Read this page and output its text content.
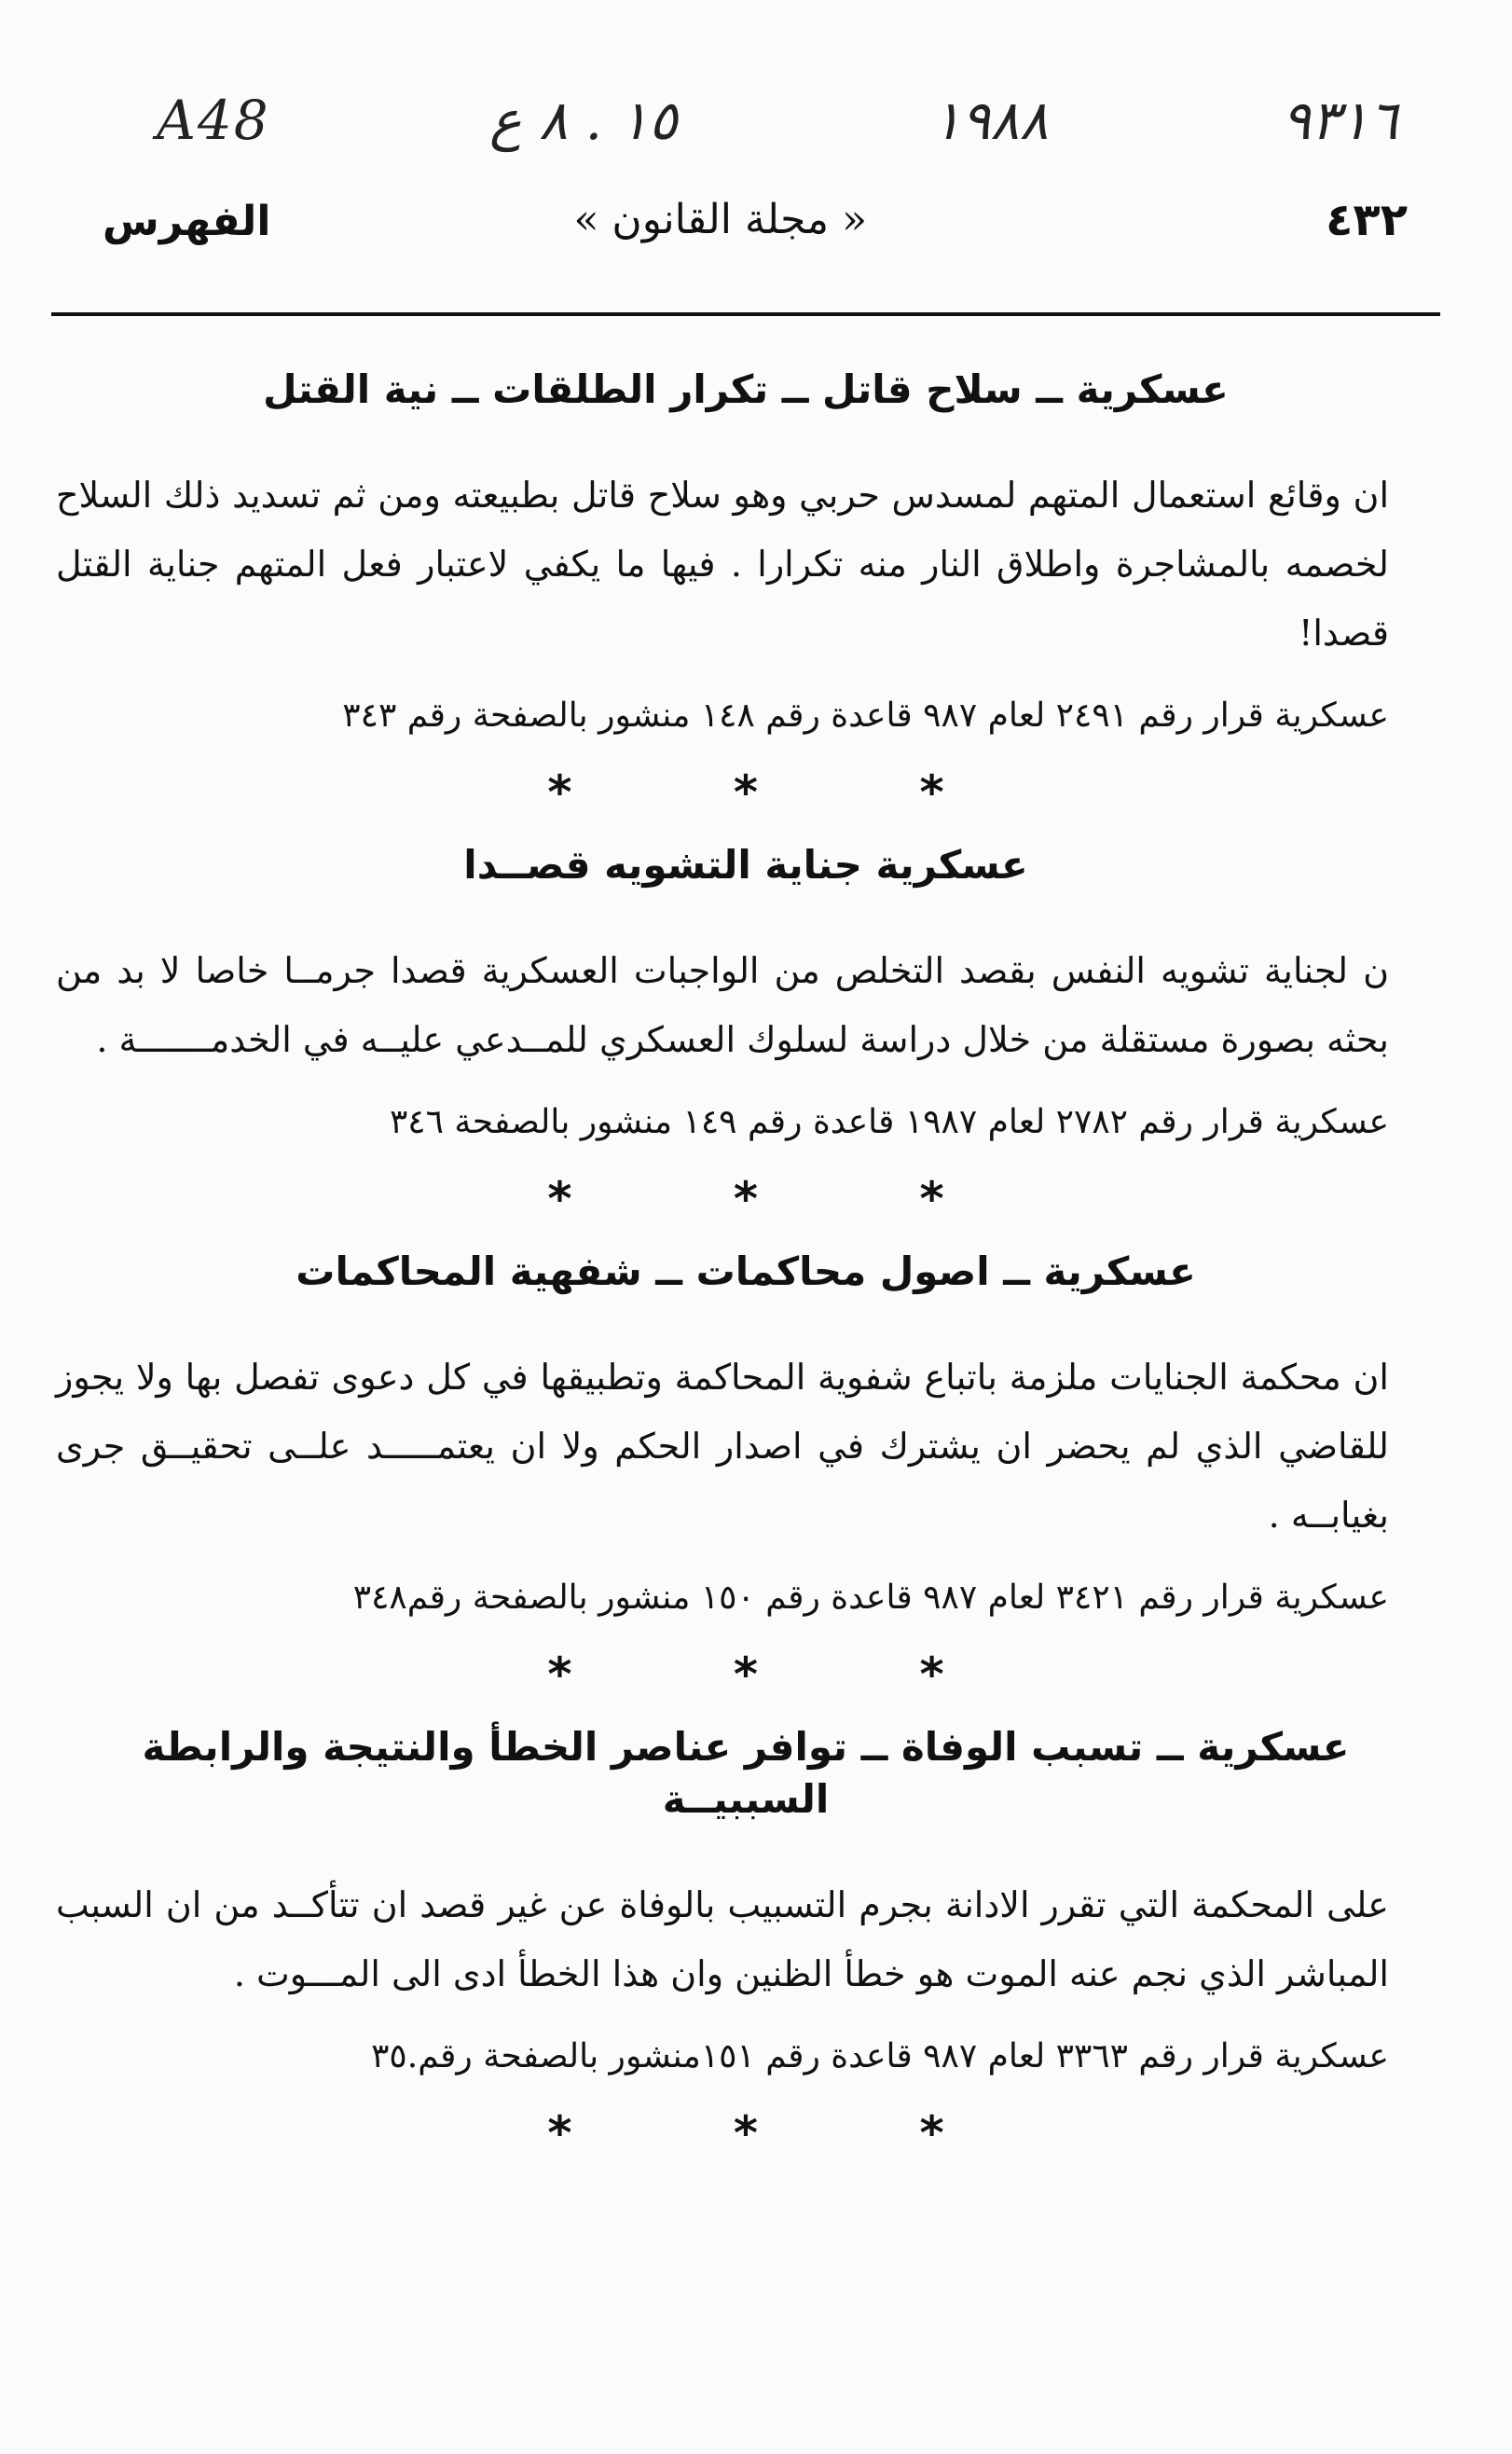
A48	١٥ . ٨ ع	١٩٨٨	٩٣١٦
٤٣٢
« مجلة القانون »
الفهرس
عسكرية ــ سلاح قاتل ــ تكرار الطلقات ــ نية القتل

ان وقائع استعمال المتهم لمسدس حربي وهو سلاح قاتل بطبيعته ومن ثم تسديد ذلك السلاح لخصمه بالمشاجرة واطلاق النار منه تكرارا . فيها ما يكفي لاعتبار فعل المتهم جناية القتل قصدا!

عسكرية قرار رقم ٢٤٩١ لعام ٩٨٧ قاعدة رقم ١٤٨ منشور بالصفحة رقم ٣٤٣
* * *
عسكرية جناية التشويه قصــدا

ن لجناية تشويه النفس بقصد التخلص من الواجبات العسكرية قصدا جرمــا خاصا لا بد من بحثه بصورة مستقلة من خلال دراسة لسلوك العسكري للمــدعي عليــه في الخدمـــــــة .

عسكرية قرار رقم ٢٧٨٢ لعام ١٩٨٧ قاعدة رقم ١٤٩ منشور بالصفحة ٣٤٦
* * *
عسكرية ــ اصول محاكمات ــ شفهية المحاكمات

ان محكمة الجنايات ملزمة باتباع شفوية المحاكمة وتطبيقها في كل دعوى تفصل بها ولا يجوز للقاضي الذي لم يحضر ان يشترك في اصدار الحكم ولا ان يعتمـــــد علــى تحقيــق جرى بغيابــه .

عسكرية قرار رقم ٣٤٢١ لعام ٩٨٧ قاعدة رقم ١٥٠ منشور بالصفحة رقم٣٤٨
* * *
عسكرية ــ تسبب الوفاة ــ توافر عناصر الخطأ والنتيجة والرابطة السببيــة

على المحكمة التي تقرر الادانة بجرم التسبيب بالوفاة عن غير قصد ان تتأكــد من ان السبب المباشر الذي نجم عنه الموت هو خطأ الظنين وان هذا الخطأ ادى الى المـــوت .

عسكرية قرار رقم ٣٣٦٣ لعام ٩٨٧ قاعدة رقم ١٥١منشور بالصفحة رقم.٣٥
* * *
